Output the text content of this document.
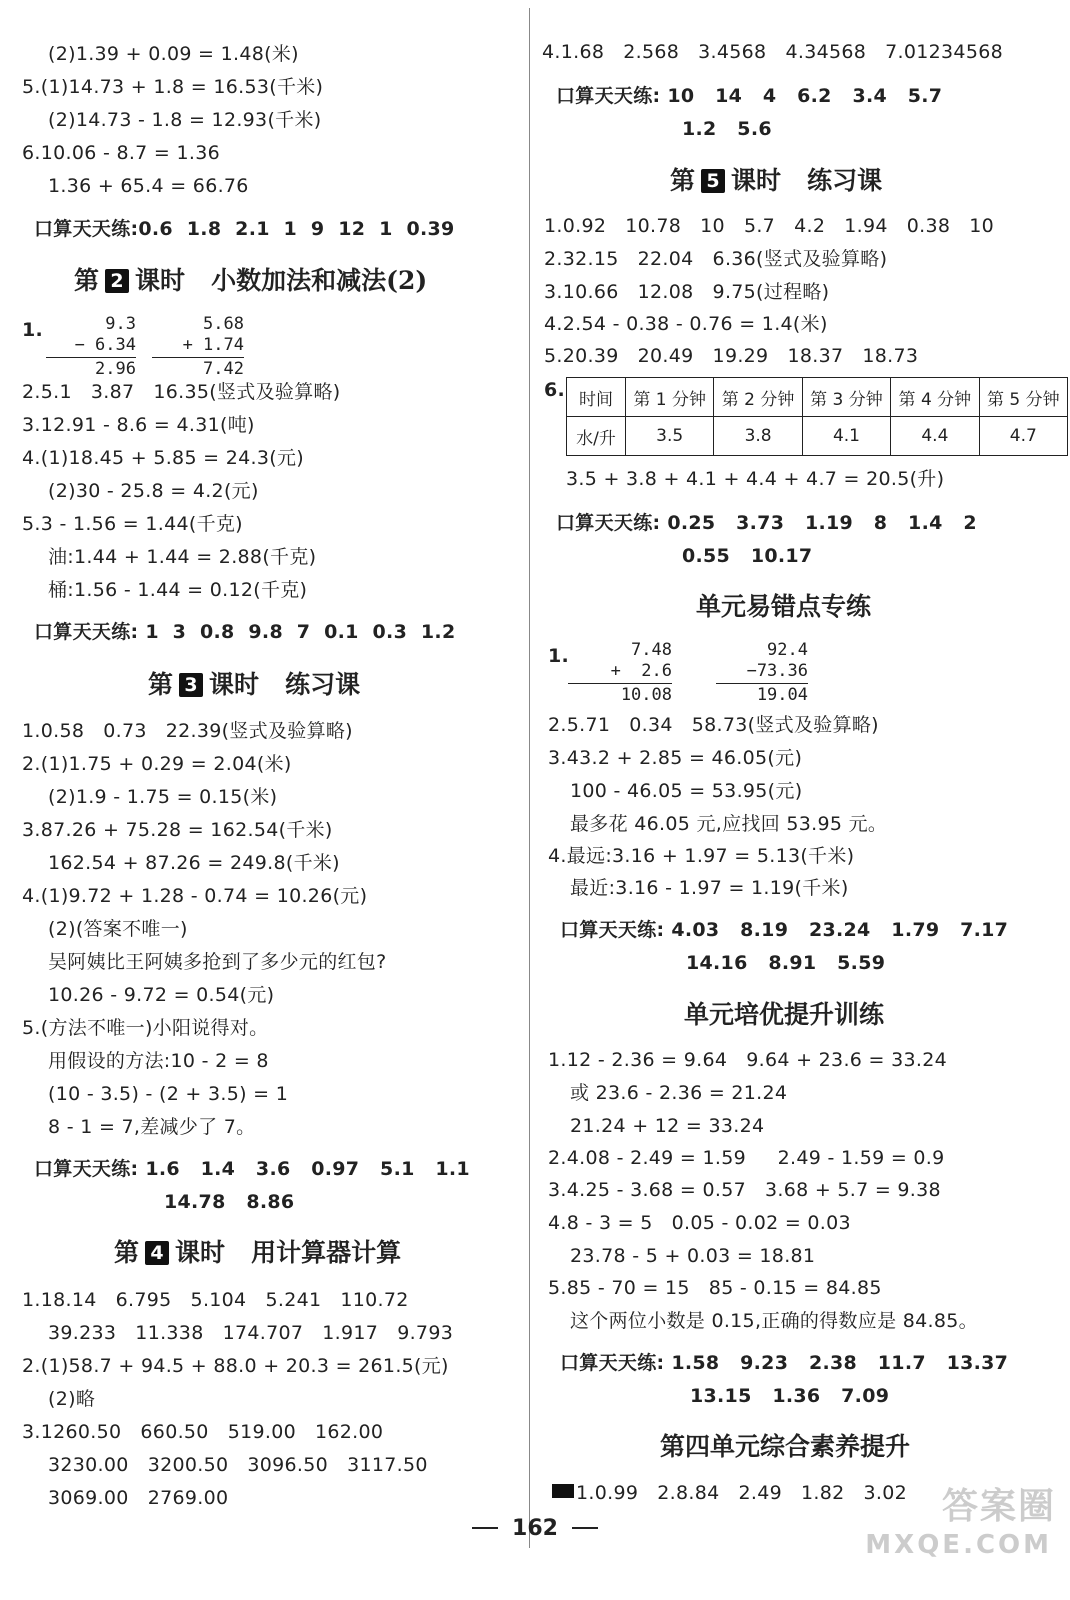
(2)1.39 + 0.09 = 1.48(米)
5.(1)14.73 + 1.8 = 16.53(千米)
(2)14.73 - 1.8 = 12.93(千米)
6.10.06 - 8.7 = 1.36
1.36 + 65.4 = 66.76
口算天天练:0.6  1.8  2.1  1  9  12  1  0.39
第 2 课时   小数加法和减法(2)
1.	9.3
− 6.34
2.96
5.68
+ 1.74
7.42
2.5.1   3.87   16.35(竖式及验算略)
3.12.91 - 8.6 = 4.31(吨)
4.(1)18.45 + 5.85 = 24.3(元)
(2)30 - 25.8 = 4.2(元)
5.3 - 1.56 = 1.44(千克)
油:1.44 + 1.44 = 2.88(千克)
桶:1.56 - 1.44 = 0.12(千克)
口算天天练: 1  3  0.8  9.8  7  0.1  0.3  1.2
第 3 课时   练习课
1.0.58   0.73   22.39(竖式及验算略)
2.(1)1.75 + 0.29 = 2.04(米)
(2)1.9 - 1.75 = 0.15(米)
3.87.26 + 75.28 = 162.54(千米)
162.54 + 87.26 = 249.8(千米)
4.(1)9.72 + 1.28 - 0.74 = 10.26(元)
(2)(答案不唯一)
吴阿姨比王阿姨多抢到了多少元的红包?
10.26 - 9.72 = 0.54(元)
5.(方法不唯一)小阳说得对。
用假设的方法:10 - 2 = 8
(10 - 3.5) - (2 + 3.5) = 1
8 - 1 = 7,差减少了 7。
口算天天练: 1.6   1.4   3.6   0.97   5.1   1.1
14.78   8.86
第 4 课时   用计算器计算
1.18.14   6.795   5.104   5.241   110.72
39.233   11.338   174.707   1.917   9.793
2.(1)58.7 + 94.5 + 88.0 + 20.3 = 261.5(元)
(2)略
3.1260.50   660.50   519.00   162.00
3230.00   3200.50   3096.50   3117.50
3069.00   2769.00
4.1.68   2.568   3.4568   4.34568   7.01234568
口算天天练: 10   14   4   6.2   3.4   5.7
1.2   5.6
第 5 课时   练习课
1.0.92   10.78   10   5.7   4.2   1.94   0.38   10
2.32.15   22.04   6.36(竖式及验算略)
3.10.66   12.08   9.75(过程略)
4.2.54 - 0.38 - 0.76 = 1.4(米)
5.20.39   20.49   19.29   18.37   18.73
6. 时间	第 1 分钟	第 2 分钟	第 3 分钟	第 4 分钟	第 5 分钟
水/升	3.5	3.8	4.1	4.4	4.7
3.5 + 3.8 + 4.1 + 4.4 + 4.7 = 20.5(升)
口算天天练: 0.25   3.73   1.19   8   1.4   2
0.55   10.17
单元易错点专练
1.	7.48
+  2.6
10.08
92.4
−73.36
19.04
2.5.71   0.34   58.73(竖式及验算略)
3.43.2 + 2.85 = 46.05(元)
100 - 46.05 = 53.95(元)
最多花 46.05 元,应找回 53.95 元。
4.最远:3.16 + 1.97 = 5.13(千米)
最近:3.16 - 1.97 = 1.19(千米)
口算天天练: 4.03   8.19   23.24   1.79   7.17
14.16   8.91   5.59
单元培优提升训练
1.12 - 2.36 = 9.64   9.64 + 23.6 = 33.24
或 23.6 - 2.36 = 21.24
21.24 + 12 = 33.24
2.4.08 - 2.49 = 1.59     2.49 - 1.59 = 0.9
3.4.25 - 3.68 = 0.57   3.68 + 5.7 = 9.38
4.8 - 3 = 5   0.05 - 0.02 = 0.03
23.78 - 5 + 0.03 = 18.81
5.85 - 70 = 15   85 - 0.15 = 84.85
这个两位小数是 0.15,正确的得数应是 84.85。
口算天天练: 1.58   9.23   2.38   11.7   13.37
13.15   1.36   7.09
第四单元综合素养提升
1.0.99   2.8.84   2.49   1.82   3.02 答案圈
MXQE.COM
162
